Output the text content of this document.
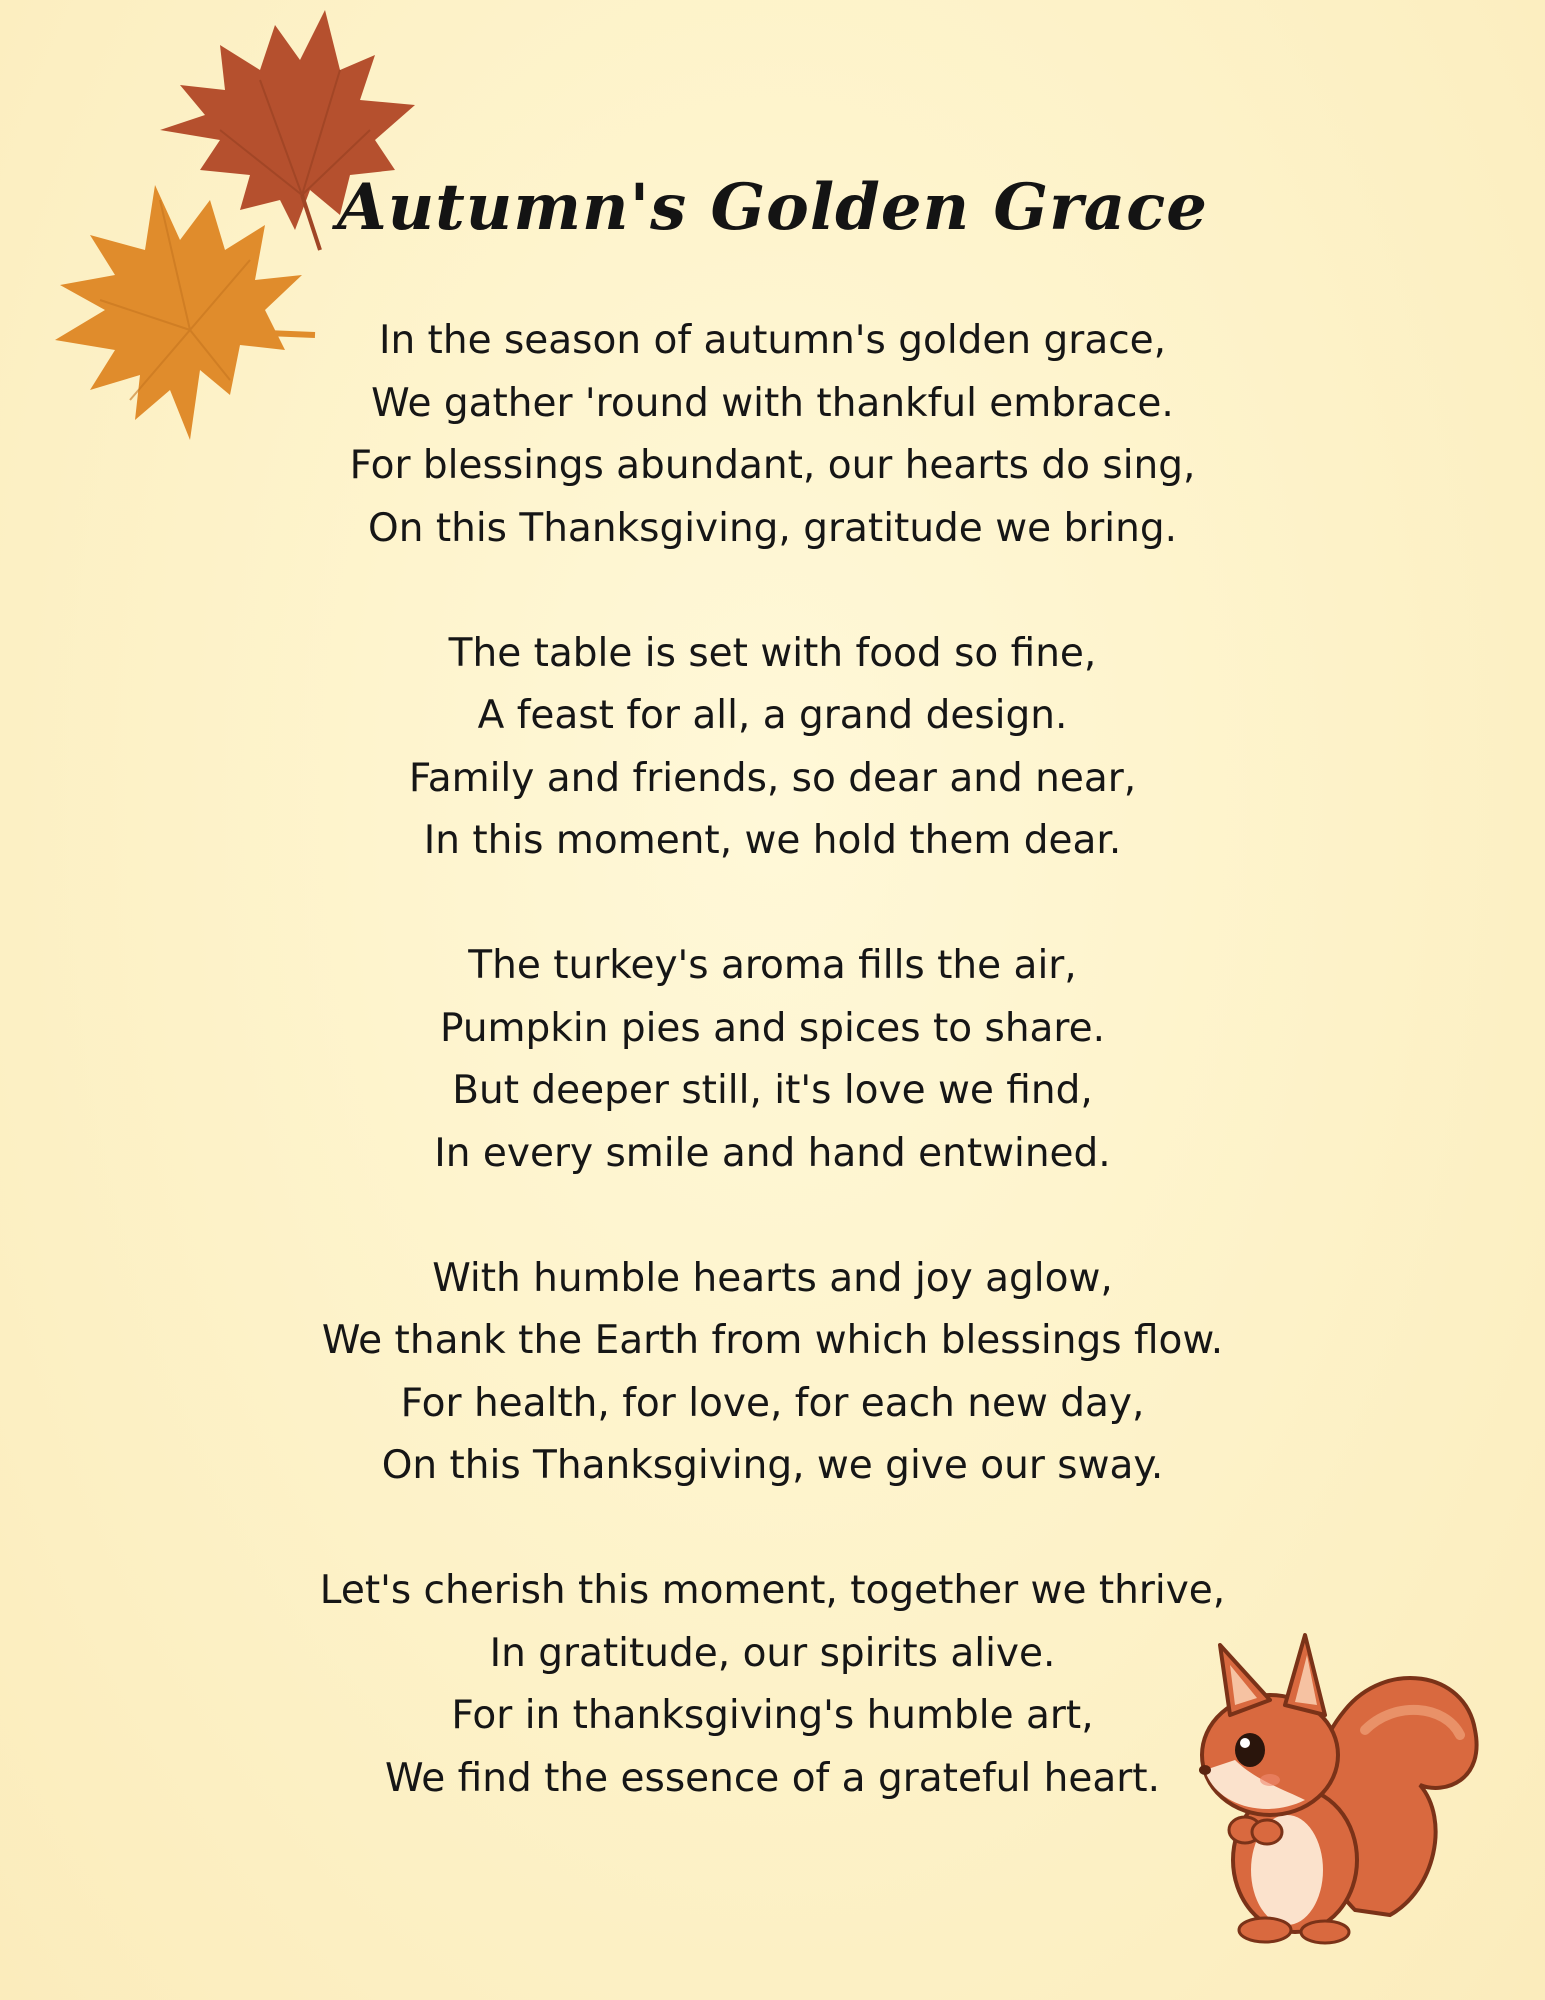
Autumn's Golden Grace
In the season of autumn's golden grace,
We gather 'round with thankful embrace.
For blessings abundant, our hearts do sing,
On this Thanksgiving, gratitude we bring.
The table is set with food so fine,
A feast for all, a grand design.
Family and friends, so dear and near,
In this moment, we hold them dear.
The turkey's aroma fills the air,
Pumpkin pies and spices to share.
But deeper still, it's love we find,
In every smile and hand entwined.
With humble hearts and joy aglow,
We thank the Earth from which blessings flow.
For health, for love, for each new day,
On this Thanksgiving, we give our sway.
Let's cherish this moment, together we thrive,
In gratitude, our spirits alive.
For in thanksgiving's humble art,
We find the essence of a grateful heart.
